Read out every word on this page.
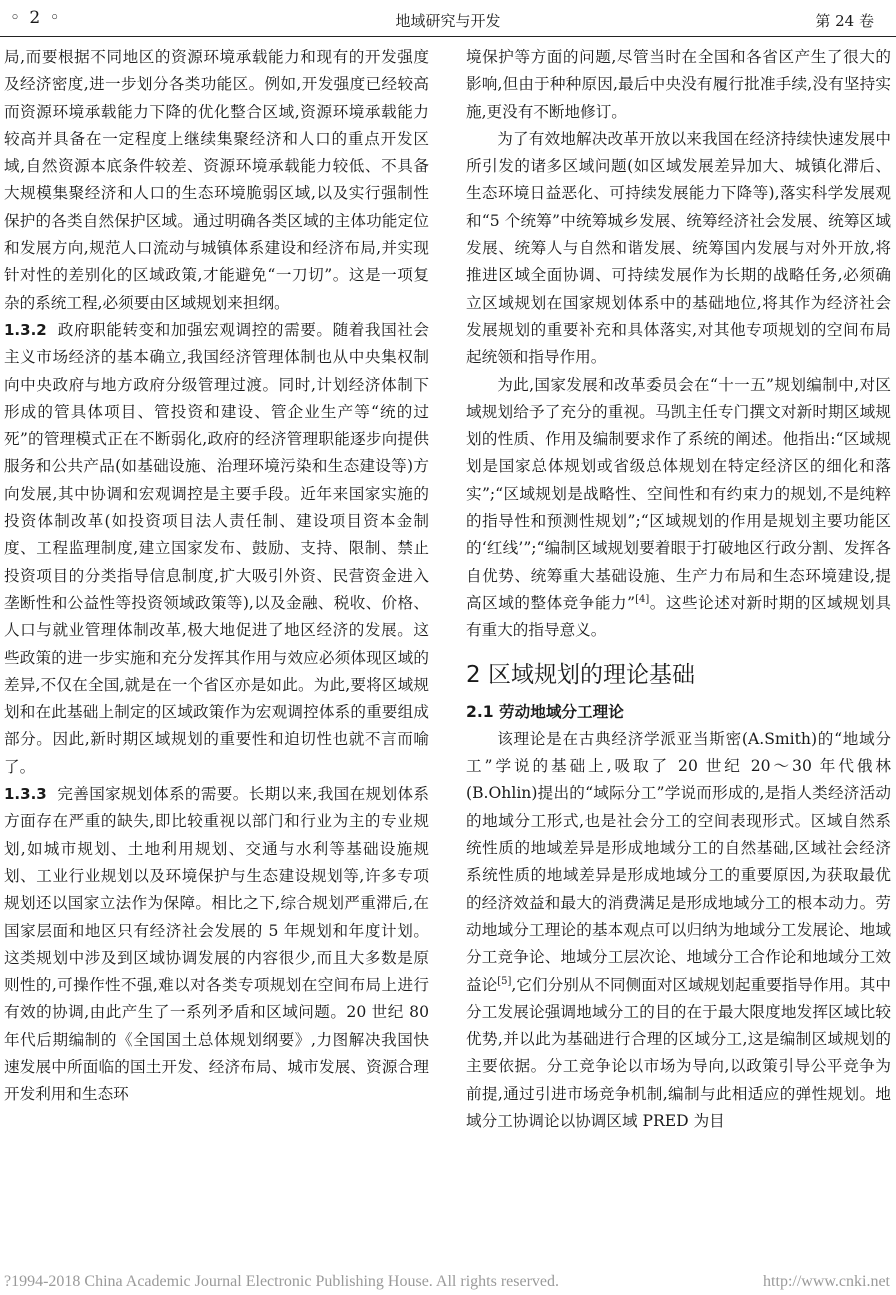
◦ 2 ◦	地域研究与开发	第 24 卷

局,而要根据不同地区的资源环境承载能力和现有的开发强度及经济密度,进一步划分各类功能区。例如,开发强度已经较高而资源环境承载能力下降的优化整合区域,资源环境承载能力较高并具备在一定程度上继续集聚经济和人口的重点开发区域,自然资源本底条件较差、资源环境承载能力较低、不具备大规模集聚经济和人口的生态环境脆弱区域,以及实行强制性保护的各类自然保护区域。通过明确各类区域的主体功能定位和发展方向,规范人口流动与城镇体系建设和经济布局,并实现针对性的差别化的区域政策,才能避免“一刀切”。这是一项复杂的系统工程,必须要由区域规划来担纲。

1.3.2 政府职能转变和加强宏观调控的需要。随着我国社会主义市场经济的基本确立,我国经济管理体制也从中央集权制向中央政府与地方政府分级管理过渡。同时,计划经济体制下形成的管具体项目、管投资和建设、管企业生产等“统的过死”的管理模式正在不断弱化,政府的经济管理职能逐步向提供服务和公共产品(如基础设施、治理环境污染和生态建设等)方向发展,其中协调和宏观调控是主要手段。近年来国家实施的投资体制改革(如投资项目法人责任制、建设项目资本金制度、工程监理制度,建立国家发布、鼓励、支持、限制、禁止投资项目的分类指导信息制度,扩大吸引外资、民营资金进入垄断性和公益性等投资领域政策等),以及金融、税收、价格、人口与就业管理体制改革,极大地促进了地区经济的发展。这些政策的进一步实施和充分发挥其作用与效应必须体现区域的差异,不仅在全国,就是在一个省区亦是如此。为此,要将区域规划和在此基础上制定的区域政策作为宏观调控体系的重要组成部分。因此,新时期区域规划的重要性和迫切性也就不言而喻了。

1.3.3 完善国家规划体系的需要。长期以来,我国在规划体系方面存在严重的缺失,即比较重视以部门和行业为主的专业规划,如城市规划、土地利用规划、交通与水利等基础设施规划、工业行业规划以及环境保护与生态建设规划等,许多专项规划还以国家立法作为保障。相比之下,综合规划严重滞后,在国家层面和地区只有经济社会发展的 5 年规划和年度计划。这类规划中涉及到区域协调发展的内容很少,而且大多数是原则性的,可操作性不强,难以对各类专项规划在空间布局上进行有效的协调,由此产生了一系列矛盾和区域问题。20 世纪 80 年代后期编制的《全国国土总体规划纲要》,力图解决我国快速发展中所面临的国土开发、经济布局、城市发展、资源合理开发利用和生态环

境保护等方面的问题,尽管当时在全国和各省区产生了很大的影响,但由于种种原因,最后中央没有履行批准手续,没有坚持实施,更没有不断地修订。

为了有效地解决改革开放以来我国在经济持续快速发展中所引发的诸多区域问题(如区域发展差异加大、城镇化滞后、生态环境日益恶化、可持续发展能力下降等),落实科学发展观和“5 个统筹”中统筹城乡发展、统筹经济社会发展、统筹区域发展、统筹人与自然和谐发展、统筹国内发展与对外开放,将推进区域全面协调、可持续发展作为长期的战略任务,必须确立区域规划在国家规划体系中的基础地位,将其作为经济社会发展规划的重要补充和具体落实,对其他专项规划的空间布局起统领和指导作用。

为此,国家发展和改革委员会在“十一五”规划编制中,对区域规划给予了充分的重视。马凯主任专门撰文对新时期区域规划的性质、作用及编制要求作了系统的阐述。他指出:“区域规划是国家总体规划或省级总体规划在特定经济区的细化和落实”;“区域规划是战略性、空间性和有约束力的规划,不是纯粹的指导性和预测性规划”;“区域规划的作用是规划主要功能区的‘红线’”;“编制区域规划要着眼于打破地区行政分割、发挥各自优势、统筹重大基础设施、生产力布局和生态环境建设,提高区域的整体竞争能力”[4]。这些论述对新时期的区域规划具有重大的指导意义。

2 区域规划的理论基础
2.1 劳动地域分工理论

该理论是在古典经济学派亚当斯密(A.Smith)的“地域分工”学说的基础上,吸取了 20 世纪 20～30 年代俄林(B.Ohlin)提出的“域际分工”学说而形成的,是指人类经济活动的地域分工形式,也是社会分工的空间表现形式。区域自然系统性质的地域差异是形成地域分工的自然基础,区域社会经济系统性质的地域差异是形成地域分工的重要原因,为获取最优的经济效益和最大的消费满足是形成地域分工的根本动力。劳动地域分工理论的基本观点可以归纳为地域分工发展论、地域分工竞争论、地域分工层次论、地域分工合作论和地域分工效益论[5],它们分别从不同侧面对区域规划起重要指导作用。其中分工发展论强调地域分工的目的在于最大限度地发挥区域比较优势,并以此为基础进行合理的区域分工,这是编制区域规划的主要依据。分工竞争论以市场为导向,以政策引导公平竞争为前提,通过引进市场竞争机制,编制与此相适应的弹性规划。地域分工协调论以协调区域 PRED 为目

?1994-2018 China Academic Journal Electronic Publishing House. All rights reserved.	http://www.cnki.net
